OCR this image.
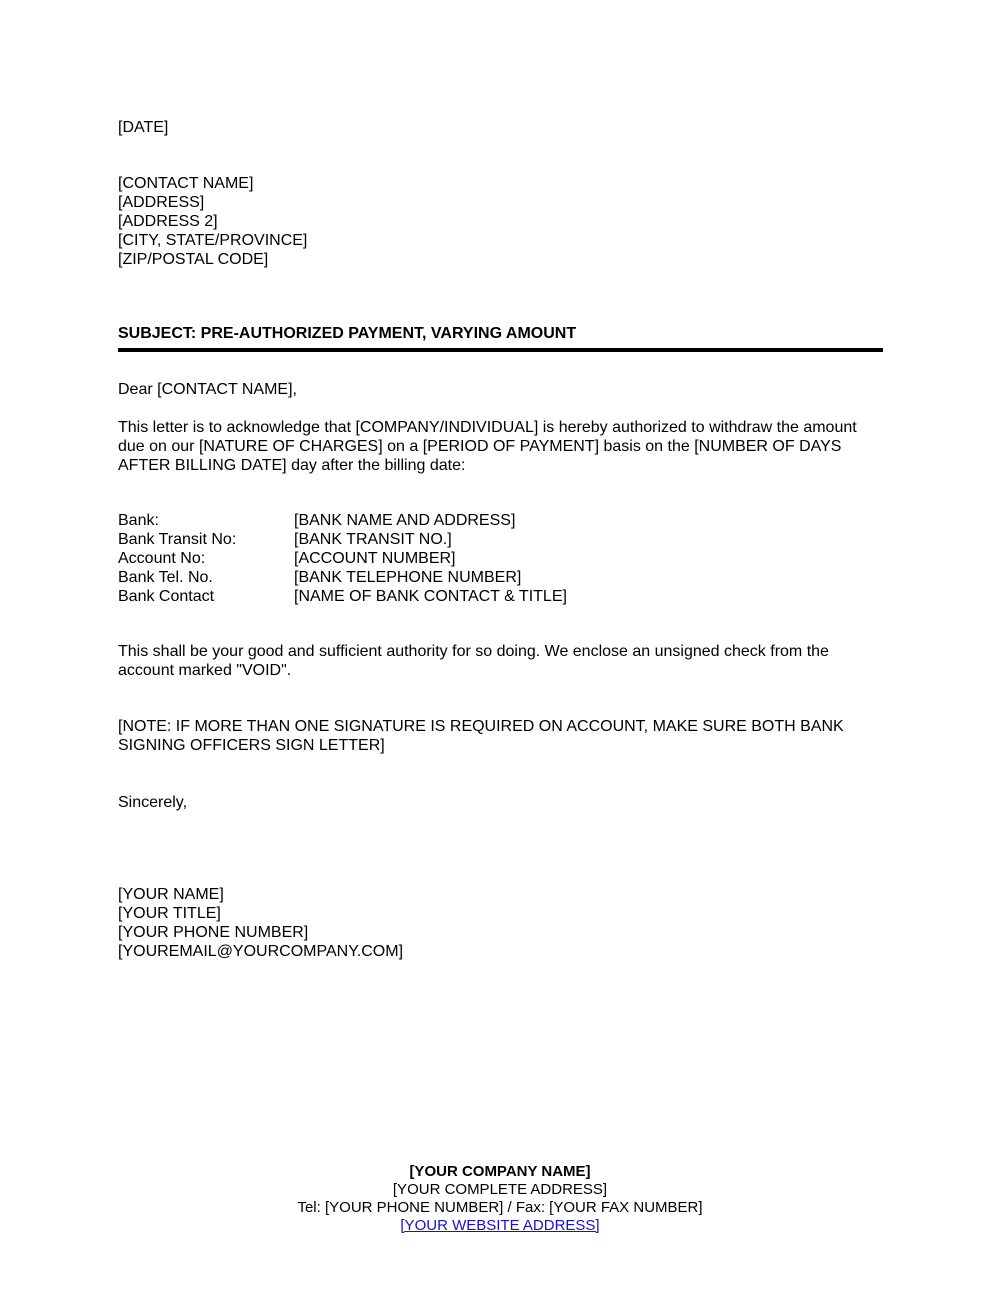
[DATE]

[CONTACT NAME]

[ADDRESS]

[ADDRESS 2]

[CITY, STATE/PROVINCE]

[ZIP/POSTAL CODE]

SUBJECT: PRE-AUTHORIZED PAYMENT, VARYING AMOUNT
Dear [CONTACT NAME],

This letter is to acknowledge that [COMPANY/INDIVIDUAL] is hereby authorized to withdraw the amount

due on our [NATURE OF CHARGES] on a [PERIOD OF PAYMENT] basis on the [NUMBER OF DAYS

AFTER BILLING DATE] day after the billing date:

Bank:	[BANK NAME AND ADDRESS]
Bank Transit No:	[BANK TRANSIT NO.]
Account No:	[ACCOUNT NUMBER]
Bank Tel. No.	[BANK TELEPHONE NUMBER]
Bank Contact	[NAME OF BANK CONTACT & TITLE]

This shall be your good and sufficient authority for so doing. We enclose an unsigned check from the

account marked "VOID".

[NOTE: IF MORE THAN ONE SIGNATURE IS REQUIRED ON ACCOUNT, MAKE SURE BOTH BANK

SIGNING OFFICERS SIGN LETTER]

Sincerely,

[YOUR NAME]

[YOUR TITLE]

[YOUR PHONE NUMBER]

[YOUREMAIL@YOURCOMPANY.COM]

[YOUR COMPANY NAME]
[YOUR COMPLETE ADDRESS]
Tel: [YOUR PHONE NUMBER] / Fax: [YOUR FAX NUMBER]
[YOUR WEBSITE ADDRESS]
